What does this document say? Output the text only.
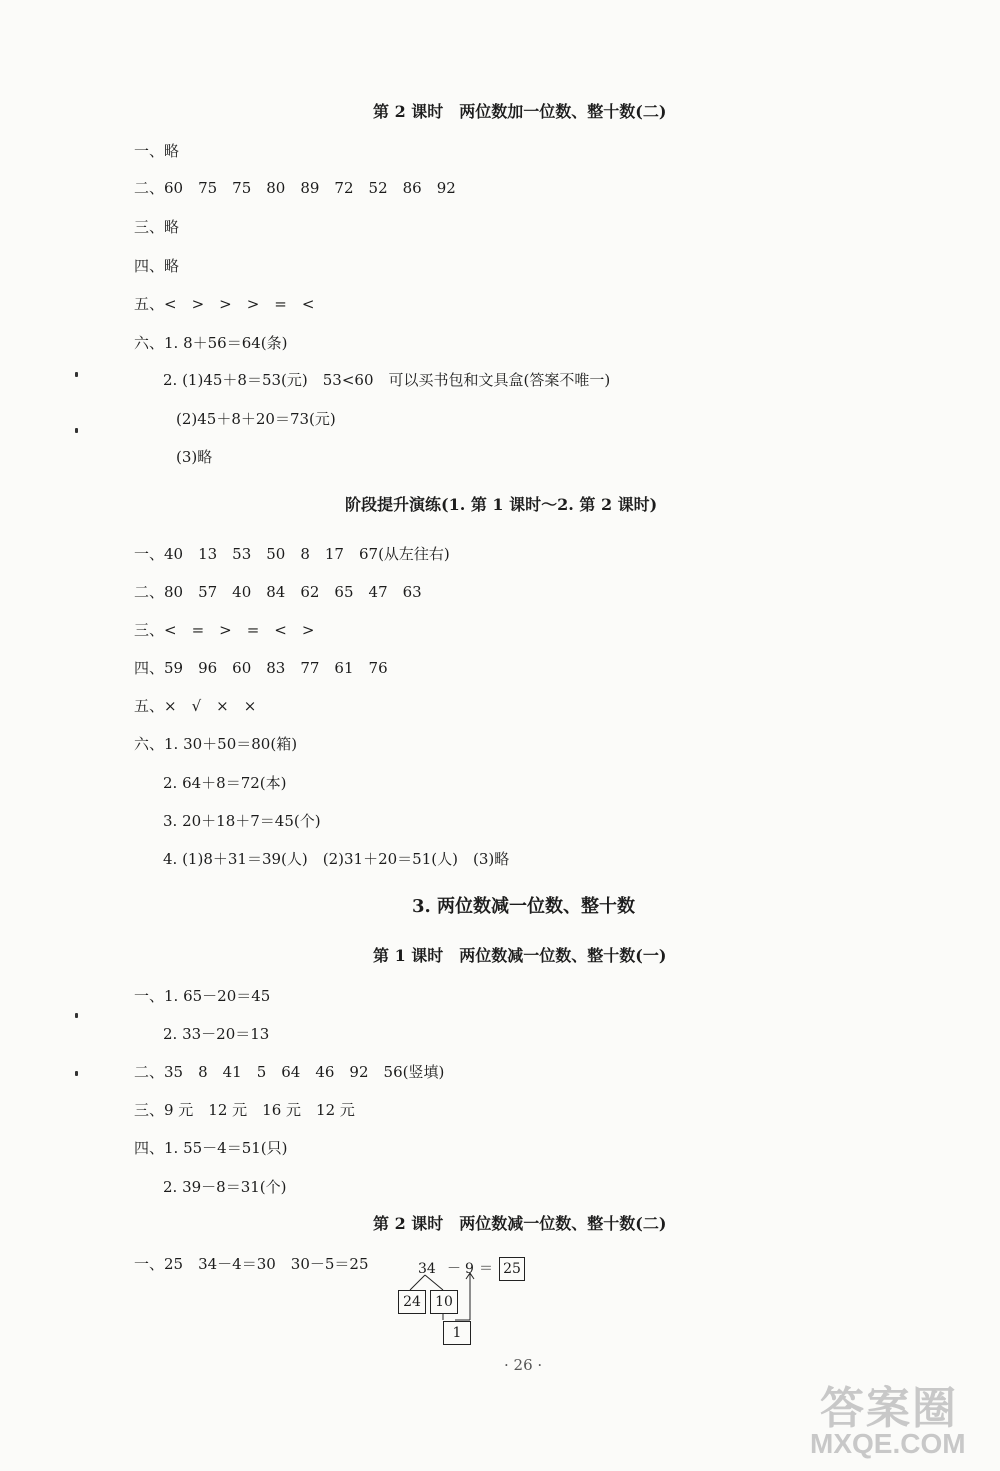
第 2 课时　两位数加一位数、整十数(二)
一、略
二、60　75　75　80　89　72　52　86　92
三、略
四、略
五、<　>　>　>　=　<
六、1. 8＋56＝64(条)
2. (1)45＋8＝53(元)　53<60　可以买书包和文具盒(答案不唯一)
(2)45＋8＋20＝73(元)
(3)略
阶段提升演练(1. 第 1 课时～2. 第 2 课时)
一、40　13　53　50　8　17　67(从左往右)
二、80　57　40　84　62　65　47　63
三、<　=　>　=　<　>
四、59　96　60　83　77　61　76
五、×　√　×　×
六、1. 30＋50＝80(箱)
2. 64＋8＝72(本)
3. 20＋18＋7＝45(个)
4. (1)8＋31＝39(人)　(2)31＋20＝51(人)　(3)略
3. 两位数减一位数、整十数
第 1 课时　两位数减一位数、整十数(一)
一、1. 65－20＝45
2. 33－20＝13
二、35　8　41　5　64　46　92　56(竖填)
三、9 元　12 元　16 元　12 元
四、1. 55－4＝51(只)
2. 39－8＝31(个)
第 2 课时　两位数减一位数、整十数(二)
一、25　34－4＝30　30－5＝25	34 － 9 ＝ 25
24	10
1
· 26 ·
答案圈
MXQE.COM
